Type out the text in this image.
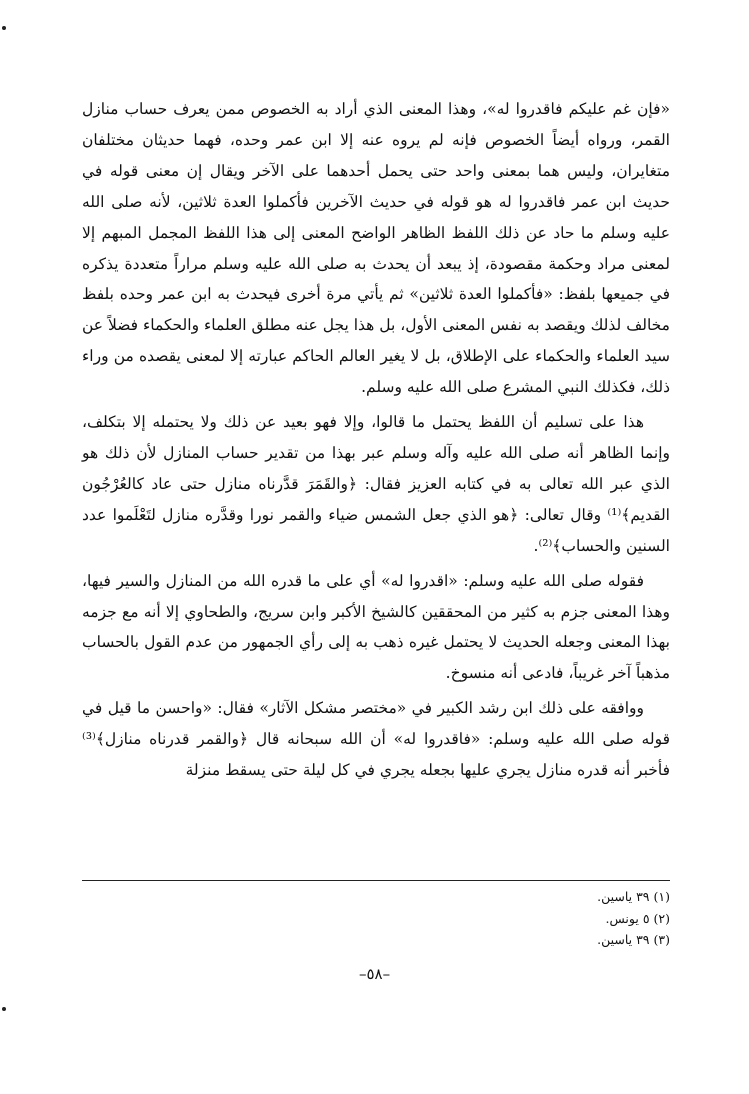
«فإن غم عليكم فاقدروا له»، وهذا المعنى الذي أراد به الخصوص ممن يعرف حساب منازل القمر، ورواه أيضاً الخصوص فإنه لم يروه عنه إلا ابن عمر وحده، فهما حديثان مختلفان متغايران، وليس هما بمعنى واحد حتى يحمل أحدهما على الآخر ويقال إن معنى قوله في حديث ابن عمر فاقدروا له هو قوله في حديث الآخرين فأكملوا العدة ثلاثين، لأنه صلى الله عليه وسلم ما حاد عن ذلك اللفظ الظاهر الواضح المعنى إلى هذا اللفظ المجمل المبهم إلا لمعنى مراد وحكمة مقصودة، إذ يبعد أن يحدث به صلى الله عليه وسلم مراراً متعددة يذكره في جميعها بلفظ: «فأكملوا العدة ثلاثين» ثم يأتي مرة أخرى فيحدث به ابن عمر وحده بلفظ مخالف لذلك ويقصد به نفس المعنى الأول، بل هذا يجل عنه مطلق العلماء والحكماء فضلاً عن سيد العلماء والحكماء على الإطلاق، بل لا يغير العالم الحاكم عبارته إلا لمعنى يقصده من وراء ذلك، فكذلك النبي المشرع صلى الله عليه وسلم.

هذا على تسليم أن اللفظ يحتمل ما قالوا، وإلا فهو بعيد عن ذلك ولا يحتمله إلا بتكلف، وإنما الظاهر أنه صلى الله عليه وآله وسلم عبر بهذا من تقدير حساب المنازل لأن ذلك هو الذي عبر الله تعالى به في كتابه العزيز فقال: ﴿والقَمَرَ قدَّرناه منازل حتى عاد كالعُرْجُون القديم﴾⁽¹⁾ وقال تعالى: ﴿هو الذي جعل الشمس ضياء والقمر نورا وقدَّره منازل لتَعْلَموا عدد السنين والحساب﴾⁽²⁾.

فقوله صلى الله عليه وسلم: «اقدروا له» أي على ما قدره الله من المنازل والسير فيها، وهذا المعنى جزم به كثير من المحققين كالشيخ الأكبر وابن سريج، والطحاوي إلا أنه مع جزمه بهذا المعنى وجعله الحديث لا يحتمل غيره ذهب به إلى رأي الجمهور من عدم القول بالحساب مذهباً آخر غريباً، فادعى أنه منسوخ.

ووافقه على ذلك ابن رشد الكبير في «مختصر مشكل الآثار» فقال: «واحسن ما قيل في قوله صلى الله عليه وسلم: «فاقدروا له» أن الله سبحانه قال ﴿والقمر قدرناه منازل﴾⁽³⁾ فأخبر أنه قدره منازل يجري عليها بجعله يجري في كل ليلة حتى يسقط منزلة

(١) ٣٩ ياسين.

(٢) ٥ يونس.

(٣) ٣٩ ياسين.

–٥٨–
